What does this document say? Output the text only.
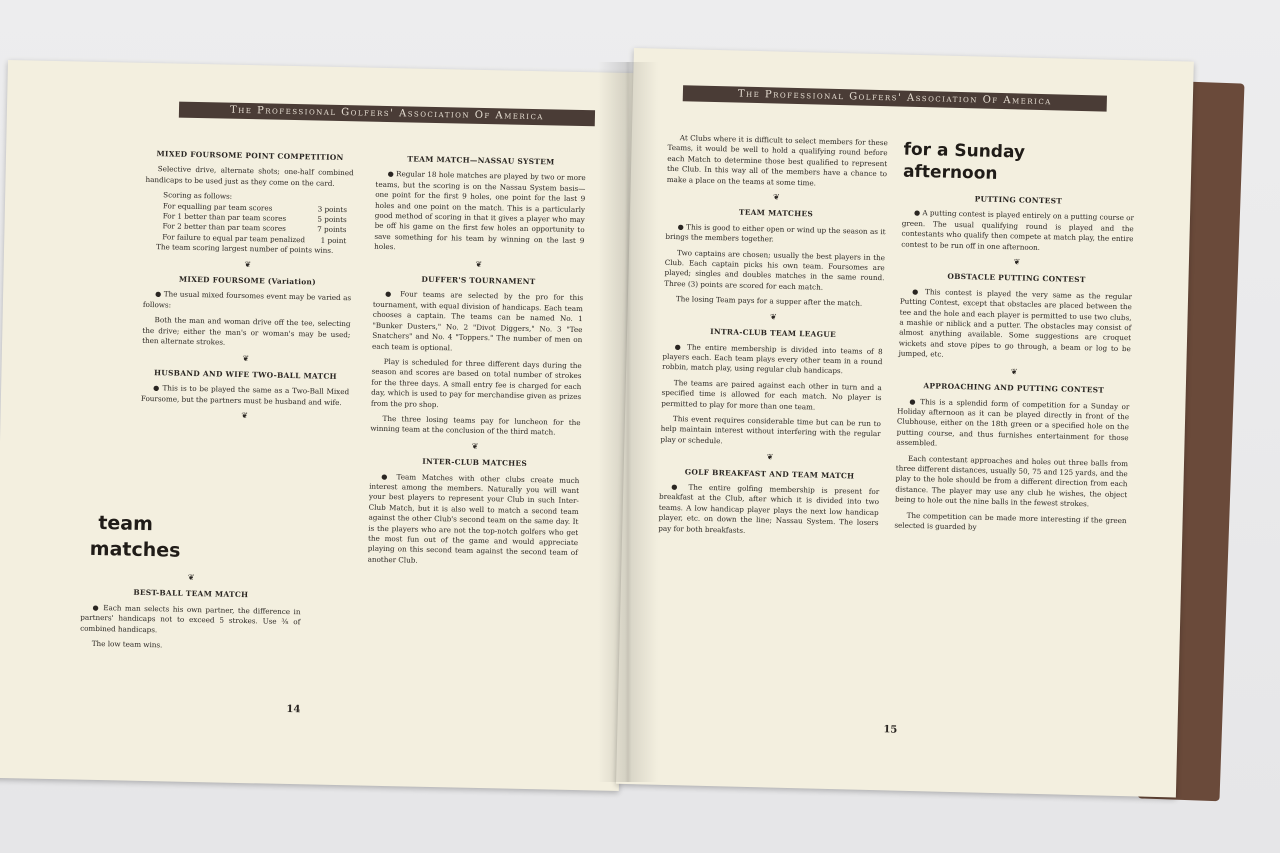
The Professional Golfers' Association Of America
MIXED FOURSOME POINT COMPETITION

Selective drive, alternate shots; one-half combined handicaps to be used just as they come on the card.

Scoring as follows:
For equalling par team scores	3 points
For 1 better than par team scores	5 points
For 2 better than par team scores	7 points
For failure to equal par team penalized 1 point

The team scoring largest number of points wins.

❦
MIXED FOURSOME (Variation)

● The usual mixed foursomes event may be varied as follows:

Both the man and woman drive off the tee, selecting the drive; either the man's or woman's may be used; then alternate strokes.

❦
HUSBAND AND WIFE TWO-BALL MATCH

● This is to be played the same as a Two-Ball Mixed Foursome, but the partners must be husband and wife.

❦
team
matches
❦
BEST-BALL TEAM MATCH

● Each man selects his own partner, the difference in partners' handicaps not to exceed 5 strokes. Use ⅜ of combined handicaps.

The low team wins.

TEAM MATCH—NASSAU SYSTEM

● Regular 18 hole matches are played by two or more teams, but the scoring is on the Nassau System basis—one point for the first 9 holes, one point for the last 9 holes and one point on the match. This is a particularly good method of scoring in that it gives a player who may be off his game on the first few holes an opportunity to save something for his team by winning on the last 9 holes.

❦
DUFFER'S TOURNAMENT

● Four teams are selected by the pro for this tournament, with equal division of handicaps. Each team chooses a captain. The teams can be named No. 1 "Bunker Dusters," No. 2 "Divot Diggers," No. 3 "Tee Snatchers" and No. 4 "Toppers." The number of men on each team is optional.

Play is scheduled for three different days during the season and scores are based on total number of strokes for the three days. A small entry fee is charged for each day, which is used to pay for merchandise given as prizes from the pro shop.

The three losing teams pay for luncheon for the winning team at the conclusion of the third match.

❦
INTER-CLUB MATCHES

● Team Matches with other clubs create much interest among the members. Naturally you will want your best players to represent your Club in such Inter-Club Match, but it is also well to match a second team against the other Club's second team on the same day. It is the players who are not the top-notch golfers who get the most fun out of the game and would appreciate playing on this second team against the second team of another Club.

14
The Professional Golfers' Association Of America

At Clubs where it is difficult to select members for these Teams, it would be well to hold a qualifying round before each Match to determine those best qualified to represent the Club. In this way all of the members have a chance to make a place on the teams at some time.

❦
TEAM MATCHES

● This is good to either open or wind up the season as it brings the members together.

Two captains are chosen; usually the best players in the Club. Each captain picks his own team. Foursomes are played; singles and doubles matches in the same round. Three (3) points are scored for each match.

The losing Team pays for a supper after the match.

❦
INTRA-CLUB TEAM LEAGUE

● The entire membership is divided into teams of 8 players each. Each team plays every other team in a round robbin, match play, using regular club handicaps.

The teams are paired against each other in turn and a specified time is allowed for each match. No player is permitted to play for more than one team.

This event requires considerable time but can be run to help maintain interest without interfering with the regular play or schedule.

❦
GOLF BREAKFAST AND TEAM MATCH

● The entire golfing membership is present for breakfast at the Club, after which it is divided into two teams. A low handicap player plays the next low handicap player, etc. on down the line; Nassau System. The losers pay for both breakfasts.

for a Sunday
afternoon
PUTTING CONTEST

● A putting contest is played entirely on a putting course or green. The usual qualifying round is played and the contestants who qualify then compete at match play, the entire contest to be run off in one afternoon.

❦
OBSTACLE PUTTING CONTEST

● This contest is played the very same as the regular Putting Contest, except that obstacles are placed between the tee and the hole and each player is permitted to use two clubs, a mashie or niblick and a putter. The obstacles may consist of almost anything available. Some suggestions are croquet wickets and stove pipes to go through, a beam or log to be jumped, etc.

❦
APPROACHING AND PUTTING CONTEST

● This is a splendid form of competition for a Sunday or Holiday afternoon as it can be played directly in front of the Clubhouse, either on the 18th green or a specified hole on the putting course, and thus furnishes entertainment for those assembled.

Each contestant approaches and holes out three balls from three different distances, usually 50, 75 and 125 yards, and the play to the hole should be from a different direction from each distance. The player may use any club he wishes, the object being to hole out the nine balls in the fewest strokes.

The competition can be made more interesting if the green selected is guarded by

15
